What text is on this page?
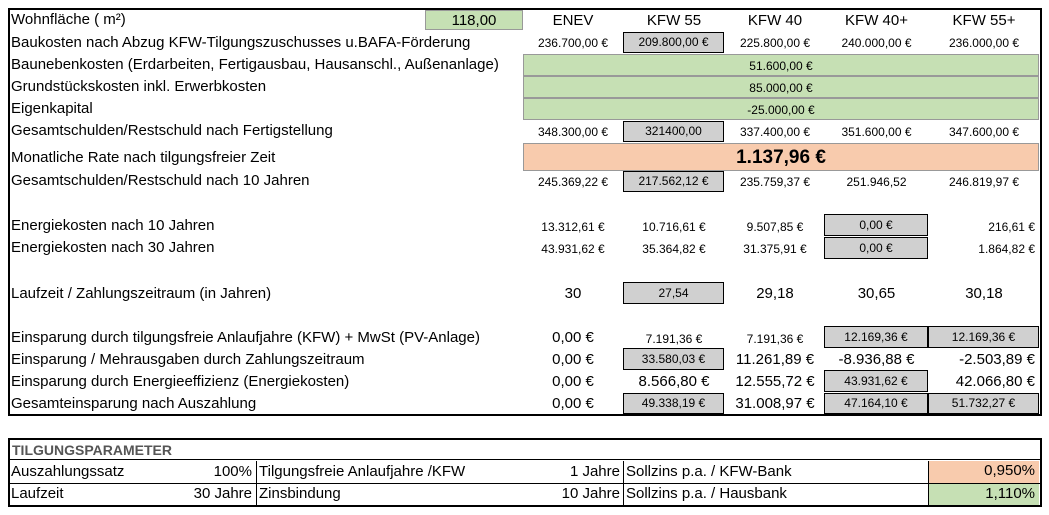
Wohnfläche ( m²)	118,00	ENEV	KFW 55	KFW 40	KFW 40+	KFW 55+
Baukosten nach Abzug KFW-Tilgungszuschusses u.BAFA-Förderung	236.700,00 €	209.800,00 €	225.800,00 €	240.000,00 €	236.000,00 €
Baunebenkosten (Erdarbeiten, Fertigausbau, Hausanschl., Außenanlage)	51.600,00 €
Grundstückskosten inkl. Erwerbkosten	85.000,00 €
Eigenkapital	-25.000,00 €
Gesamtschulden/Restschuld nach Fertigstellung	348.300,00 €	321400,00	337.400,00 €	351.600,00 €	347.600,00 €
Monatliche Rate nach tilgungsfreier Zeit	1.137,96 €
Gesamtschulden/Restschuld nach 10 Jahren	245.369,22 €	217.562,12 €	235.759,37 €	251.946,52	246.819,97 €
Energiekosten nach 10 Jahren	13.312,61 €	10.716,61 €	9.507,85 €	0,00 €	216,61 €
Energiekosten nach 30 Jahren	43.931,62 €	35.364,82 €	31.375,91 €	0,00 €	1.864,82 €
Laufzeit / Zahlungszeitraum (in Jahren)	30	27,54	29,18	30,65	30,18
Einsparung durch tilgungsfreie Anlaufjahre (KFW) + MwSt (PV-Anlage)	0,00 €	7.191,36 €	7.191,36 €	12.169,36 €	12.169,36 €
Einsparung / Mehrausgaben durch Zahlungszeitraum	0,00 €	33.580,03 €	11.261,89 €	-8.936,88 €	-2.503,89 €
Einsparung durch Energieeffizienz (Energiekosten)	0,00 €	8.566,80 €	12.555,72 €	43.931,62 €	42.066,80 €
Gesamteinsparung nach Auszahlung	0,00 €	49.338,19 €	31.008,97 €	47.164,10 €	51.732,27 €
TILGUNGSPARAMETER
Auszahlungssatz	100% Tilgungsfreie Anlaufjahre /KFW	1 Jahre Sollzins p.a. / KFW-Bank	0,950%
Laufzeit	30 Jahre Zinsbindung	10 Jahre Sollzins p.a. / Hausbank	1,110%
